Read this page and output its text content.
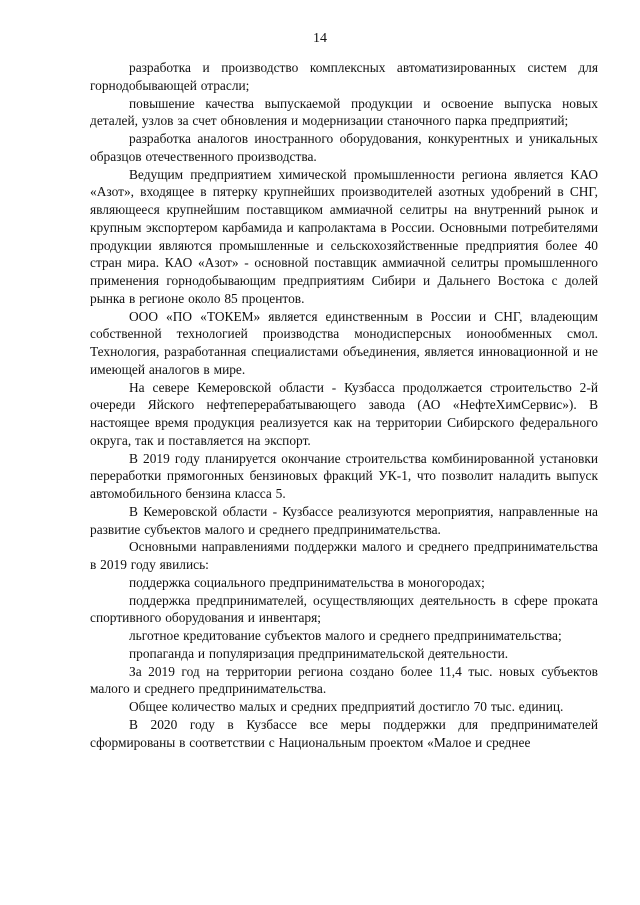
14

разработка и производство комплексных автоматизированных систем для горнодобывающей отрасли;

повышение качества выпускаемой продукции и освоение выпуска новых деталей, узлов за счет обновления и модернизации станочного парка предприятий;

разработка аналогов иностранного оборудования, конкурентных и уникальных образцов отечественного производства.

Ведущим предприятием химической промышленности региона является КАО «Азот», входящее в пятерку крупнейших производителей азотных удобрений в СНГ, являющееся крупнейшим поставщиком аммиачной селитры на внутренний рынок и крупным экспортером карбамида и капролактама в России. Основными потребителями продукции являются промышленные и сельскохозяйственные предприятия более 40 стран мира. КАО «Азот» - основной поставщик аммиачной селитры промышленного применения горнодобывающим предприятиям Сибири и Дальнего Востока с долей рынка в регионе около 85 процентов.

ООО «ПО «ТОКЕМ» является единственным в России и СНГ, владеющим собственной технологией производства монодисперсных ионообменных смол. Технология, разработанная специалистами объединения, является инновационной и не имеющей аналогов в мире.

На севере Кемеровской области - Кузбасса продолжается строительство 2-й очереди Яйского нефтеперерабатывающего завода (АО «НефтеХимСервис»). В настоящее время продукция реализуется как на территории Сибирского федерального округа, так и поставляется на экспорт.

В 2019 году планируется окончание строительства комбинированной установки переработки прямогонных бензиновых фракций УК-1, что позволит наладить выпуск автомобильного бензина класса 5.

В Кемеровской области - Кузбассе реализуются мероприятия, направленные на развитие субъектов малого и среднего предпринимательства.

Основными направлениями поддержки малого и среднего предпринимательства в 2019 году явились:

поддержка социального предпринимательства в моногородах;

поддержка предпринимателей, осуществляющих деятельность в сфере проката спортивного оборудования и инвентаря;

льготное кредитование субъектов малого и среднего предпринимательства;

пропаганда и популяризация предпринимательской деятельности.

За 2019 год на территории региона создано более 11,4 тыс. новых субъектов малого и среднего предпринимательства.

Общее количество малых и средних предприятий достигло 70 тыс. единиц.

В 2020 году в Кузбассе все меры поддержки для предпринимателей сформированы в соответствии с Национальным проектом «Малое и среднее
